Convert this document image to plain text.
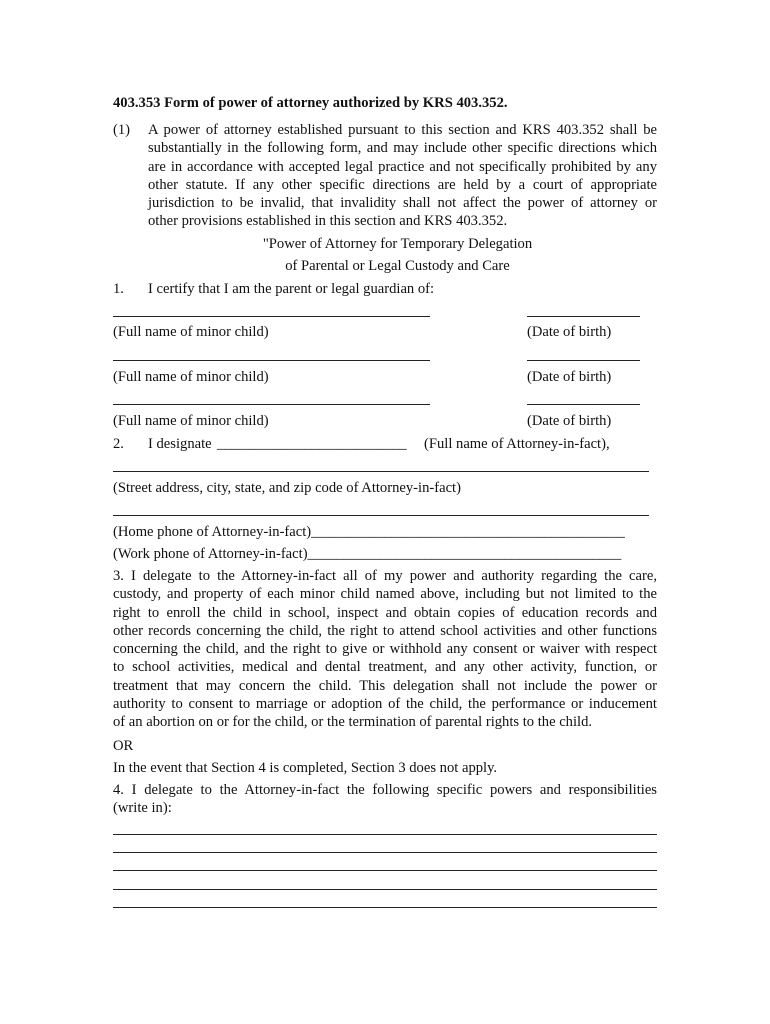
403.353 Form of power of attorney authorized by KRS 403.352.
(1) A power of attorney established pursuant to this section and KRS 403.352 shall be
substantially in the following form, and may include other specific directions which
are in accordance with accepted legal practice and not specifically prohibited by any
other statute. If any other specific directions are held by a court of appropriate
jurisdiction to be invalid, that invalidity shall not affect the power of attorney or
other provisions established in this section and KRS 403.352.
"Power of Attorney for Temporary Delegation
of Parental or Legal Custody and Care
1. I certify that I am the parent or legal guardian of:
(Full name of minor child)	(Date of birth)
(Full name of minor child)	(Date of birth)
(Full name of minor child)	(Date of birth)
2. I designate __________________________ (Full name of Attorney-in-fact),
(Street address, city, state, and zip code of Attorney-in-fact)
(Home phone of Attorney-in-fact)___________________________________________
(Work phone of Attorney-in-fact)___________________________________________
3. I delegate to the Attorney-in-fact all of my power and authority regarding the care,
custody, and property of each minor child named above, including but not limited to the
right to enroll the child in school, inspect and obtain copies of education records and
other records concerning the child, the right to attend school activities and other functions
concerning the child, and the right to give or withhold any consent or waiver with respect
to school activities, medical and dental treatment, and any other activity, function, or
treatment that may concern the child. This delegation shall not include the power or
authority to consent to marriage or adoption of the child, the performance or inducement
of an abortion on or for the child, or the termination of parental rights to the child.
OR
In the event that Section 4 is completed, Section 3 does not apply.
4. I delegate to the Attorney-in-fact the following specific powers and responsibilities
(write in):
